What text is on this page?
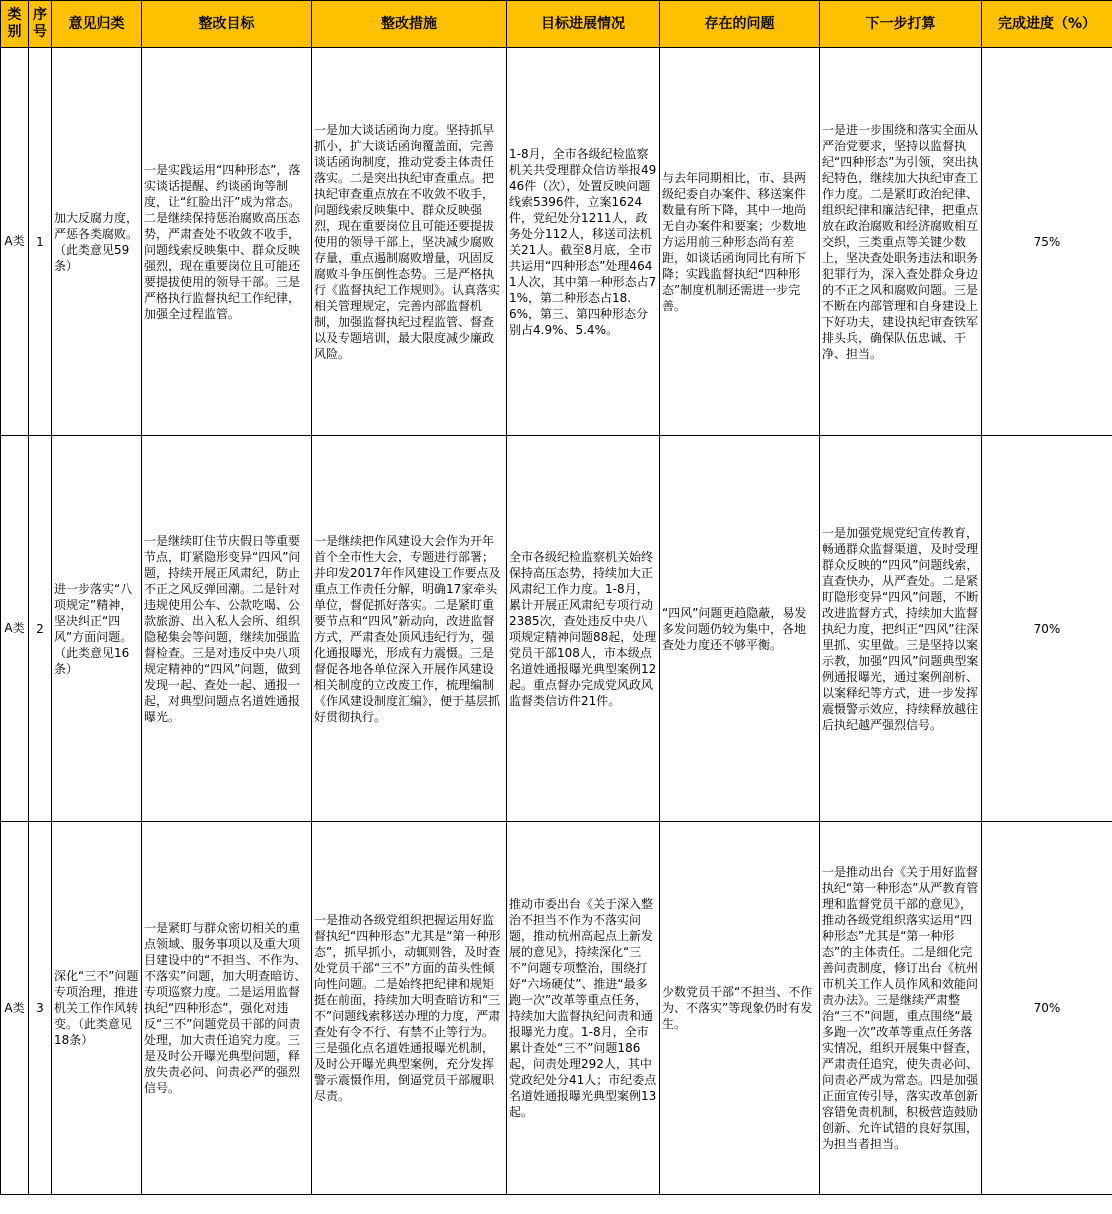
类别	序号	意见归类	整改目标	整改措施	目标进展情况	存在的问题	下一步打算	完成进度（%）
A类	1	加大反腐力度，严惩各类腐败。（此类意见59条）	一是实践运用“四种形态”，落实谈话提醒、约谈函询等制度，让“红脸出汗”成为常态。二是继续保持惩治腐败高压态势，严肃查处不收敛不收手，问题线索反映集中、群众反映强烈，现在重要岗位且可能还要提拔使用的领导干部。三是严格执行监督执纪工作纪律，加强全过程监管。	一是加大谈话函询力度。坚持抓早抓小，扩大谈话函询覆盖面，完善谈话函询制度，推动党委主体责任落实。二是突出执纪审查重点。把执纪审查重点放在不收敛不收手，问题线索反映集中、群众反映强烈，现在重要岗位且可能还要提拔使用的领导干部上，坚决减少腐败存量，重点遏制腐败增量，巩固反腐败斗争压倒性态势。三是严格执行《监督执纪工作规则》。认真落实相关管理规定，完善内部监督机制，加强监督执纪过程监管、督查以及专题培训，最大限度减少廉政风险。	1-8月，全市各级纪检监察机关共受理群众信访举报4946件（次），处置反映问题线索5396件，立案1624件，党纪处分1211人，政务处分112人，移送司法机关21人。截至8月底，全市共运用“四种形态”处理4641人次，其中第一种形态占71%，第二种形态占18.6%，第三、第四种形态分别占4.9%、5.4%。	与去年同期相比，市、县两级纪委自办案件、移送案件数量有所下降，其中一地尚无自办案件和要案；少数地方运用前三种形态尚有差距，如谈话函询同比有所下降；实践监督执纪“四种形态”制度机制还需进一步完善。	一是进一步围绕和落实全面从严治党要求，坚持以监督执纪“四种形态”为引领，突出执纪特色，继续加大执纪审查工作力度。二是紧盯政治纪律、组织纪律和廉洁纪律，把重点放在政治腐败和经济腐败相互交织，三类重点等关键少数上，坚决查处职务违法和职务犯罪行为，深入查处群众身边的不正之风和腐败问题。三是不断在内部管理和自身建设上下好功夫，建设执纪审查铁军排头兵，确保队伍忠诚、干净、担当。	75%
A类	2	进一步落实“八项规定”精神，坚决纠正“四风”方面问题。（此类意见16条）	一是继续盯住节庆假日等重要节点，盯紧隐形变异“四风”问题，持续开展正风肃纪，防止不正之风反弹回潮。二是针对违规使用公车、公款吃喝、公款旅游、出入私人会所、组织隐秘集会等问题，继续加强监督检查。三是对违反中央八项规定精神的“四风”问题，做到发现一起、查处一起、通报一起，对典型问题点名道姓通报曝光。	一是继续把作风建设大会作为开年首个全市性大会，专题进行部署；并印发2017年作风建设工作要点及重点工作责任分解，明确17家牵头单位，督促抓好落实。二是紧盯重要节点和“四风”新动向，改进监督方式，严肃查处顶风违纪行为，强化通报曝光，形成有力震慑。三是督促各地各单位深入开展作风建设相关制度的立改废工作，梳理编制《作风建设制度汇编》，便于基层抓好贯彻执行。	全市各级纪检监察机关始终保持高压态势，持续加大正风肃纪工作力度。1-8月，累计开展正风肃纪专项行动2385次，查处违反中央八项规定精神问题88起，处理党员干部108人，市本级点名道姓通报曝光典型案例12起。重点督办完成党风政风监督类信访件21件。	“四风”问题更趋隐蔽，易发多发问题仍较为集中，各地查处力度还不够平衡。	一是加强党规党纪宣传教育，畅通群众监督渠道，及时受理群众反映的“四风”问题线索，直查快办，从严查处。二是紧盯隐形变异“四风”问题，不断改进监督方式，持续加大监督执纪力度，把纠正“四风”往深里抓、实里做。三是坚持以案示教，加强“四风”问题典型案例通报曝光，通过案例剖析、以案释纪等方式，进一步发挥震慑警示效应，持续释放越往后执纪越严强烈信号。	70%
A类	3	深化“三不”问题专项治理，推进机关工作作风转变。（此类意见18条）	一是紧盯与群众密切相关的重点领域、服务事项以及重大项目建设中的“不担当、不作为、不落实”问题，加大明查暗访、专项巡察力度。二是运用监督执纪“四种形态”，强化对违反“三不”问题党员干部的问责处理，加大责任追究力度。三是及时公开曝光典型问题，释放失责必问、问责必严的强烈信号。	一是推动各级党组织把握运用好监督执纪“四种形态”尤其是“第一种形态”，抓早抓小，动辄则咎，及时查处党员干部“三不”方面的苗头性倾向性问题。二是始终把纪律和规矩挺在前面，持续加大明查暗访和“三不”问题线索移送办理的力度，严肃查处有令不行、有禁不止等行为。三是强化点名道姓通报曝光机制，及时公开曝光典型案例，充分发挥警示震慑作用，倒逼党员干部履职尽责。	推动市委出台《关于深入整治不担当不作为不落实问题，推动杭州高起点上新发展的意见》，持续深化“三不”问题专项整治，围绕打好“六场硬仗”、推进“最多跑一次”改革等重点任务，持续加大监督执纪问责和通报曝光力度。1-8月，全市累计查处“三不”问题186起，问责处理292人，其中党政纪处分41人；市纪委点名道姓通报曝光典型案例13起。	少数党员干部“不担当、不作为、不落实”等现象仍时有发生。	一是推动出台《关于用好监督执纪“第一种形态”从严教育管理和监督党员干部的意见》，推动各级党组织落实运用“四种形态”尤其是“第一种形态”的主体责任。二是细化完善问责制度，修订出台《杭州市机关工作人员作风和效能问责办法》。三是继续严肃整治“三不”问题，重点围绕“最多跑一次”改革等重点任务落实情况，组织开展集中督查，严肃责任追究，使失责必问、问责必严成为常态。四是加强正面宣传引导，落实改革创新容错免责机制，积极营造鼓励创新、允许试错的良好氛围，为担当者担当。	70%
